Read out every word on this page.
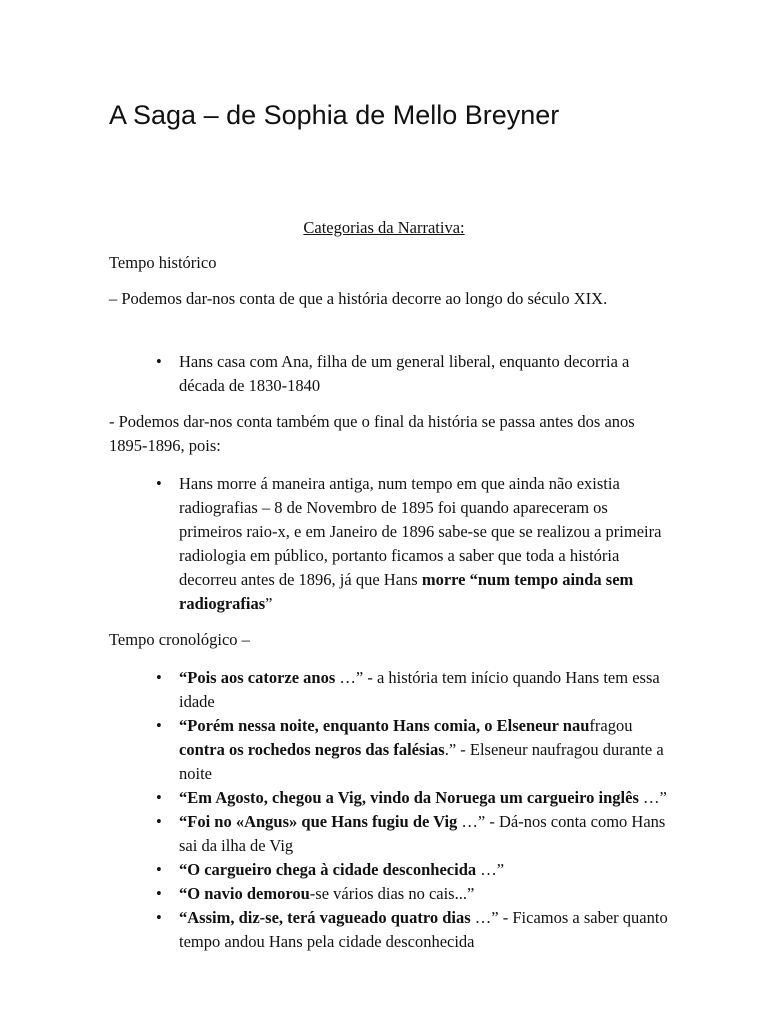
A Saga – de Sophia de Mello Breyner
Categorias da Narrativa:

Tempo histórico

– Podemos dar-nos conta de que a história decorre ao longo do século XIX.

• Hans casa com Ana, filha de um general liberal, enquanto decorria a década de 1830-1840

- Podemos dar-nos conta também que o final da história se passa antes dos anos 1895-1896, pois:

• Hans morre á maneira antiga, num tempo em que ainda não existia radiografias – 8 de Novembro de 1895 foi quando apareceram os primeiros raio-x, e em Janeiro de 1896 sabe-se que se realizou a primeira radiologia em público, portanto ficamos a saber que toda a história decorreu antes de 1896, já que Hans morre “num tempo ainda sem radiografias”

Tempo cronológico –

• “Pois aos catorze anos …” - a história tem início quando Hans tem essa idade
• “Porém nessa noite, enquanto Hans comia, o Elseneur naufragou contra os rochedos negros das falésias.” - Elseneur naufragou durante a noite
• “Em Agosto, chegou a Vig, vindo da Noruega um cargueiro inglês …”
• “Foi no «Angus» que Hans fugiu de Vig …” - Dá-nos conta como Hans sai da ilha de Vig
• “O cargueiro chega à cidade desconhecida …”
• “O navio demorou-se vários dias no cais...”
• “Assim, diz-se, terá vagueado quatro dias …” - Ficamos a saber quanto tempo andou Hans pela cidade desconhecida
